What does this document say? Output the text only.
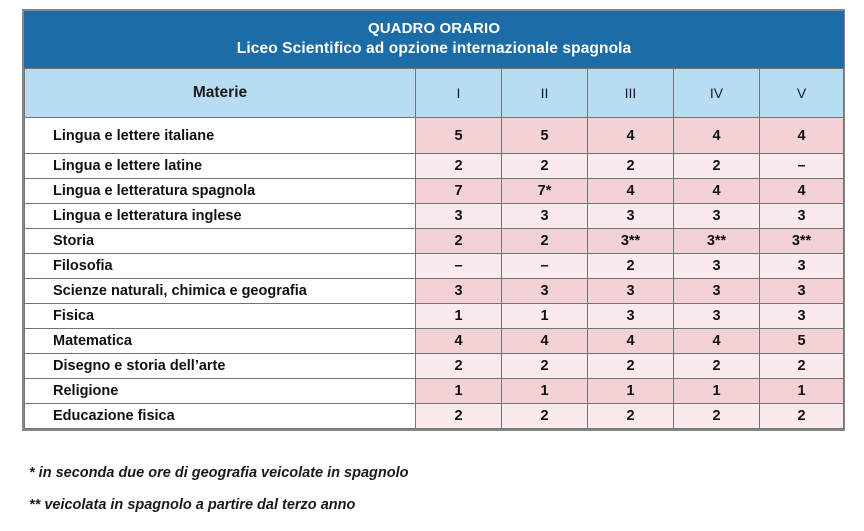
QUADRO ORARIO
Liceo Scientifico ad opzione internazionale spagnola					

Materie	I	II	III	IV	V
Lingua e lettere italiane	5	5	4	4	4
Lingua e lettere latine	2	2	2	2	–
Lingua e letteratura spagnola	7	7*	4	4	4
Lingua e letteratura inglese	3	3	3	3	3
Storia	2	2	3**	3**	3**
Filosofia	–	–	2	3	3
Scienze naturali, chimica e geografia	3	3	3	3	3
Fisica	1	1	3	3	3
Matematica	4	4	4	4	5
Disegno e storia dell’arte	2	2	2	2	2
Religione	1	1	1	1	1
Educazione fisica	2	2	2	2	2
* in seconda due ore di geografia veicolate in spagnolo
** veicolata in spagnolo a partire dal terzo anno
